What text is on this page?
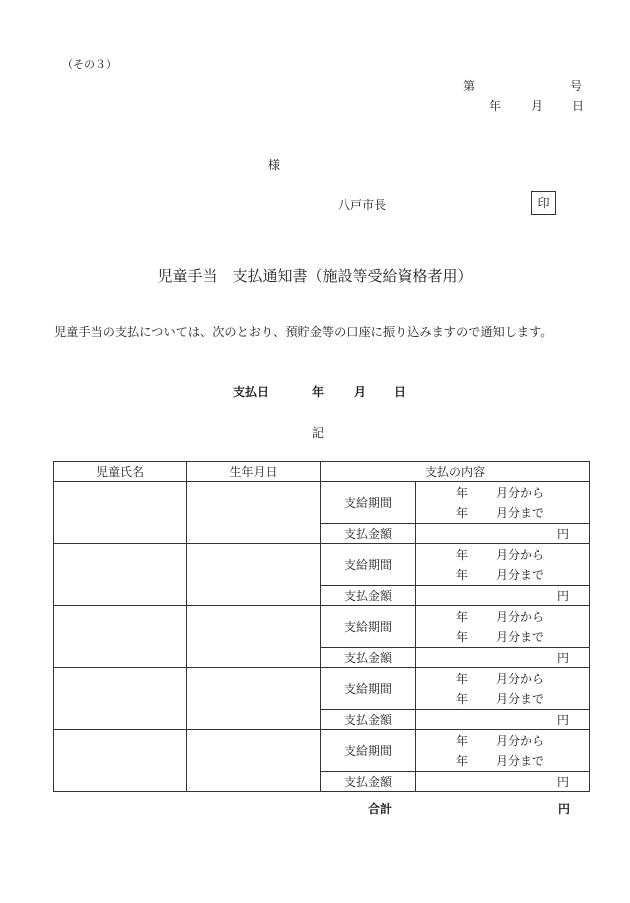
（その３）
第	号
年 月 日
様
八戸市長	印
児童手当　支払通知書（施設等受給資格者用）
児童手当の支払については、次のとおり、預貯金等の口座に振り込みますので通知します。
支払日	年 月 日
記
児童氏名	生年月日	支払の内容	
		支給期間	年 月分から
年 月分まで

		支払金額	円
		支給期間	年 月分から
年 月分まで

		支払金額	円
		支給期間	年 月分から
年 月分まで

		支払金額	円
		支給期間	年 月分から
年 月分まで

		支払金額	円
		支給期間	年 月分から
年 月分まで

		支払金額	円
合計	円
